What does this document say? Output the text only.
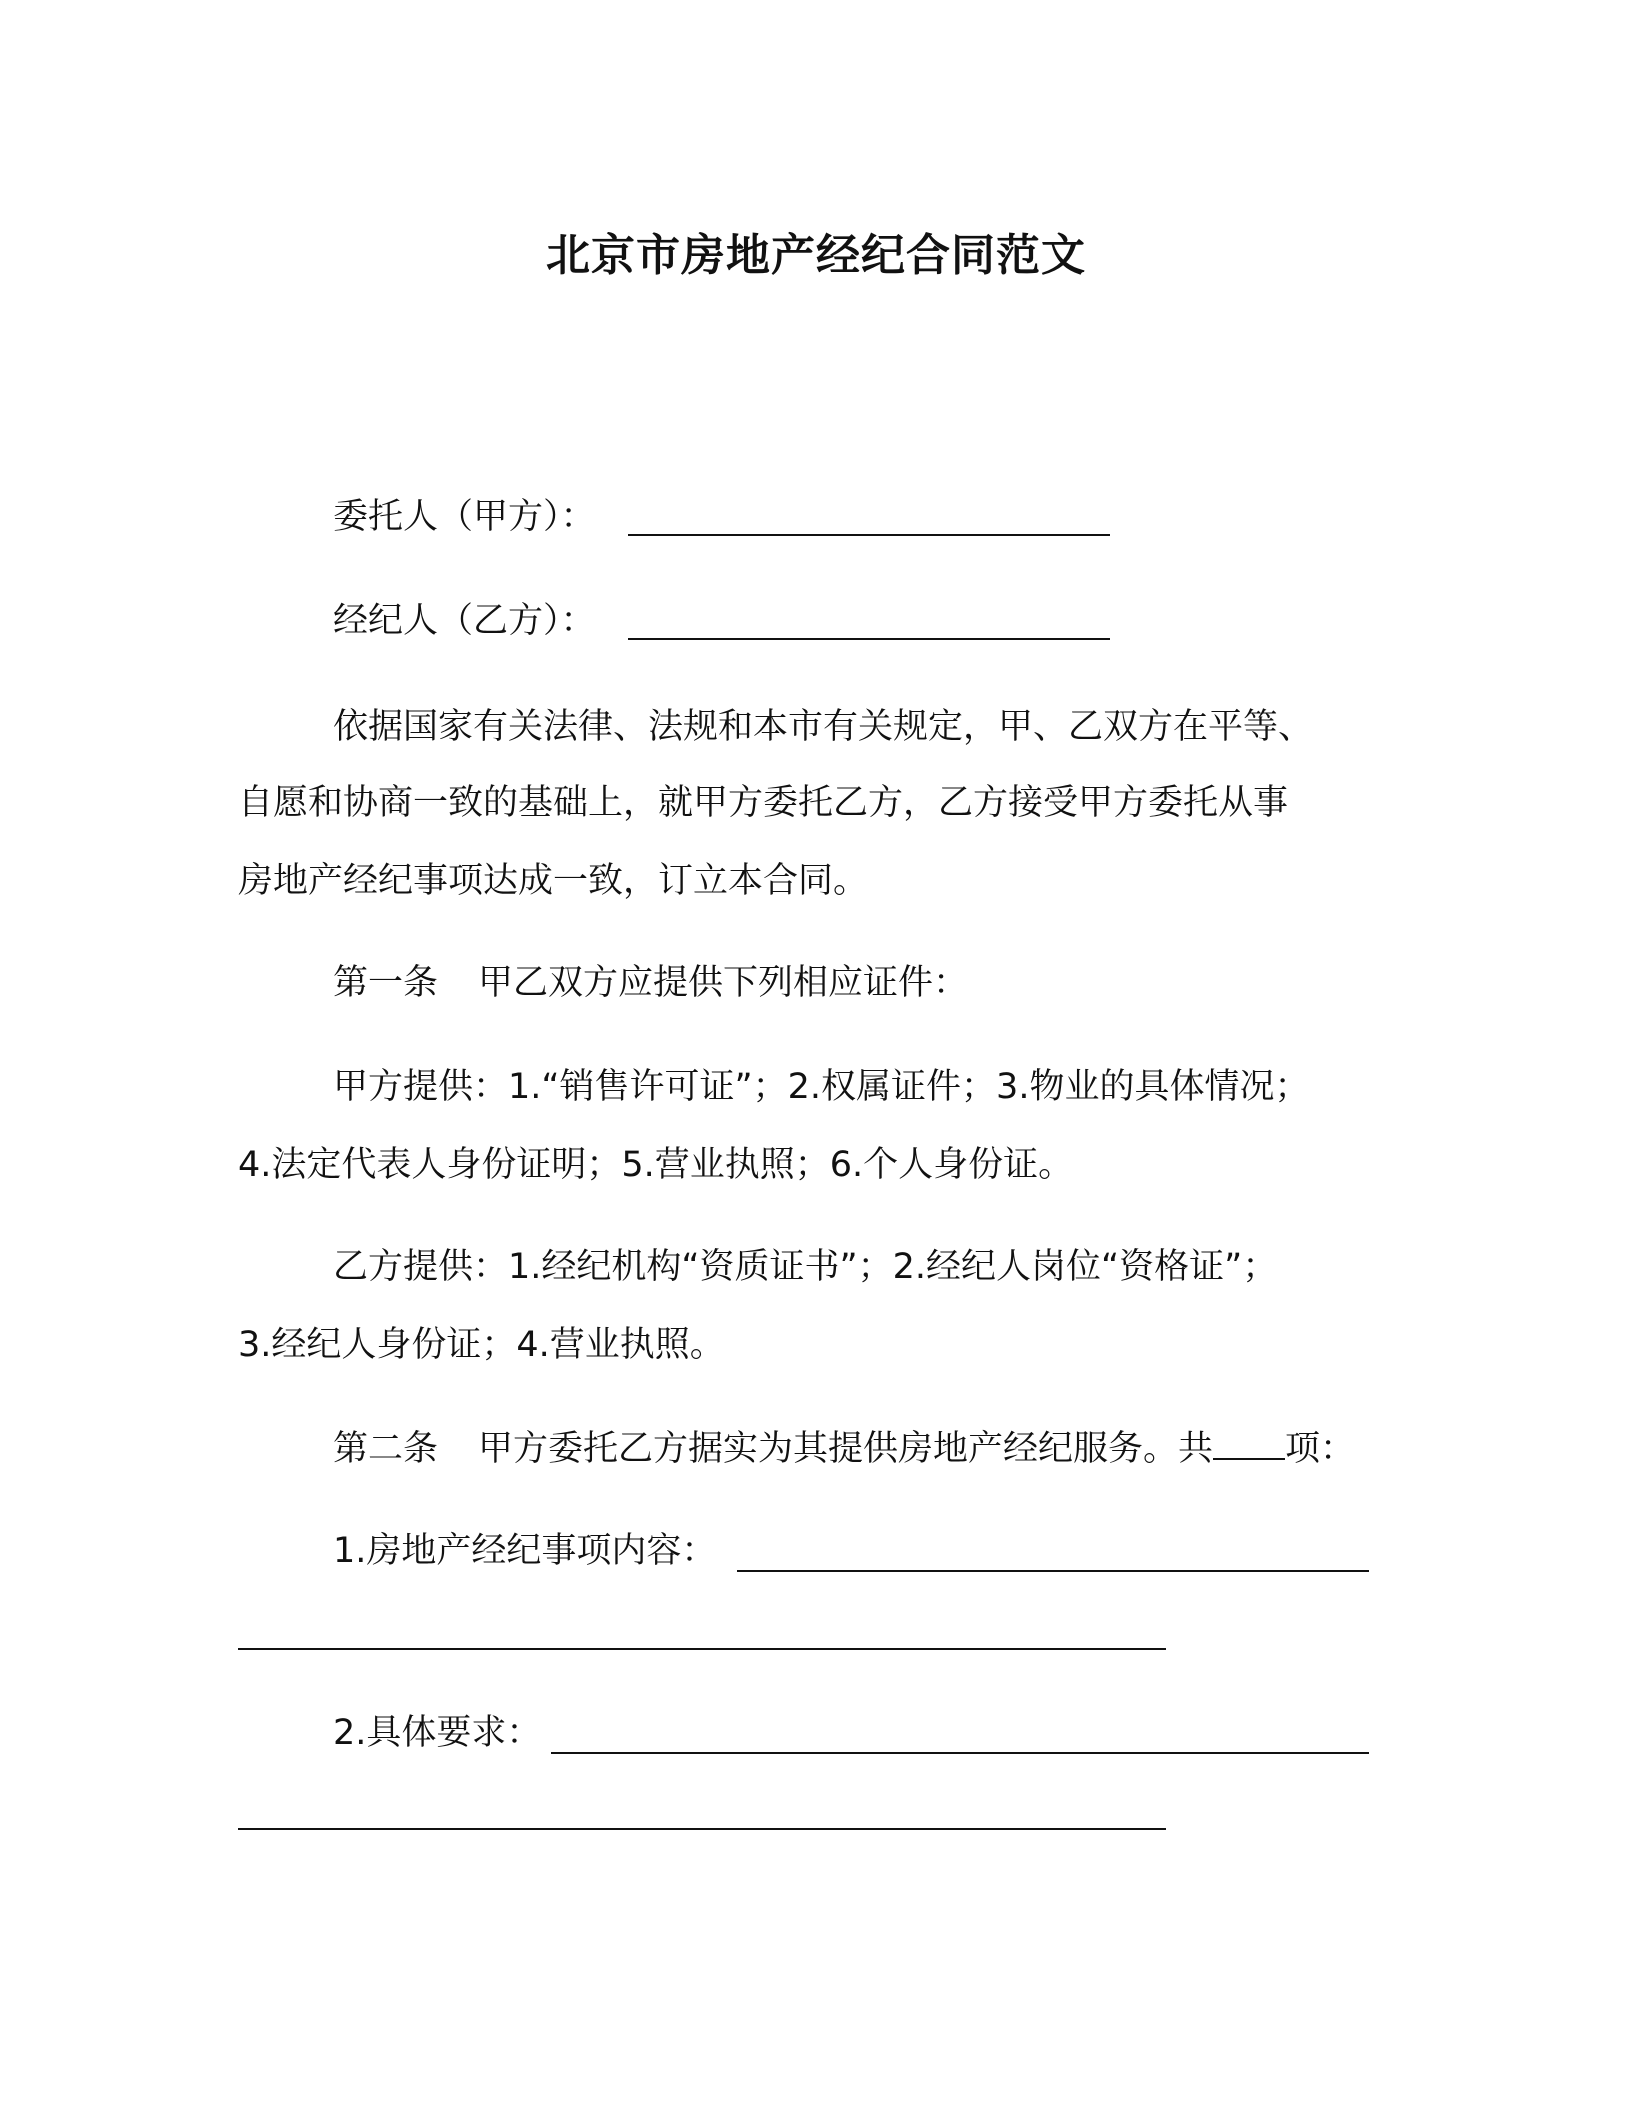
北京市房地产经纪合同范文
委托人（甲方）：
经纪人（乙方）：
依据国家有关法律、法规和本市有关规定，甲、乙双方在平等、
自愿和协商一致的基础上，就甲方委托乙方，乙方接受甲方委托从事
房地产经纪事项达成一致，订立本合同。
第一条 甲乙双方应提供下列相应证件：
甲方提供：1.“销售许可证”；2.权属证件；3.物业的具体情况；
4.法定代表人身份证明；5.营业执照；6.个人身份证。
乙方提供：1.经纪机构“资质证书”；2.经纪人岗位“资格证”；
3.经纪人身份证；4.营业执照。
第二条 甲方委托乙方据实为其提供房地产经纪服务。共 项：
1.房地产经纪事项内容：
2.具体要求：
